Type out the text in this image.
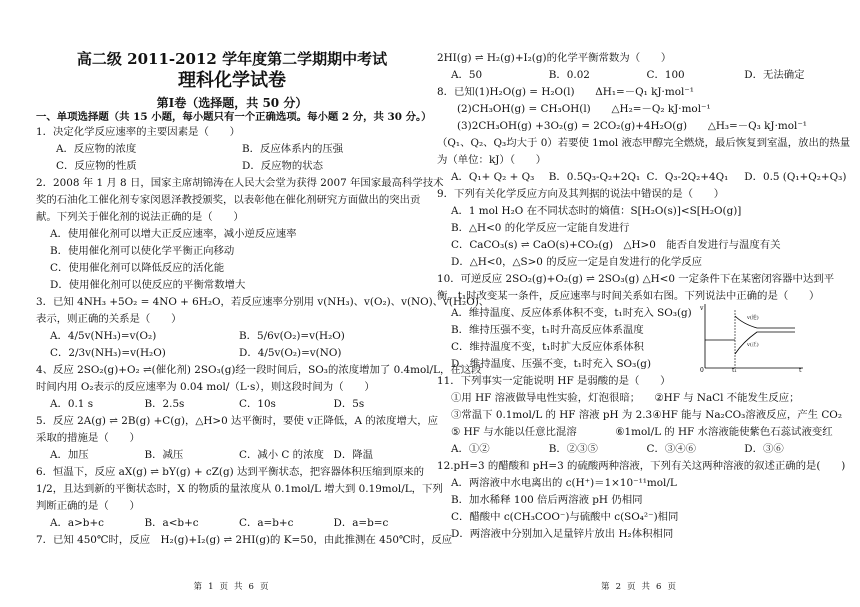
高二级 2011-2012 学年度第二学期期中考试
理科化学试卷
第Ⅰ卷（选择题，共 50 分）
一、单项选择题（共 15 小题，每小题只有一个正确选项。每小题 2 分，共 30 分。）
1．决定化学反应速率的主要因素是（　　）
A．反应物的浓度	B．反应体系内的压强
C．反应物的性质	D．反应物的状态
2．2008 年 1 月 8 日，国家主席胡锦涛在人民大会堂为获得 2007 年国家最高科学技术
奖的石油化工催化剂专家闵恩泽教授颁奖，以表彰他在催化剂研究方面做出的突出贡
献。下列关于催化剂的说法正确的是（　　）
A．使用催化剂可以增大正反应速率，减小逆反应速率
B．使用催化剂可以使化学平衡正向移动
C．使用催化剂可以降低反应的活化能
D．使用催化剂可以使反应的平衡常数增大
3．已知 4NH₃ +5O₂ = 4NO + 6H₂O，若反应速率分别用 v(NH₃)、v(O₂)、v(NO)、v(H₂O)、
表示，则正确的关系是（　　）
A．4/5v(NH₃)=v(O₂)	B．5/6v(O₂)=v(H₂O)
C．2/3v(NH₃)=v(H₂O)	D．4/5v(O₂)=v(NO)
4、反应 2SO₂(g)+O₂ ⇌(催化剂) 2SO₃(g)经一段时间后，SO₃的浓度增加了 0.4mol/L，在这段
时间内用 O₂表示的反应速率为 0.04 mol/（L·s），则这段时间为（　　）
A．0.1 s	B．2.5s	C．10s	D．5s
5．反应 2A(g) ⇌ 2B(g) +C(g)，△H>0 达平衡时，要使 v正降低，A 的浓度增大，应
采取的措施是（　　）
A．加压	B．减压	C．减小 C 的浓度 D．降温
6．恒温下，反应 aX(g) ⇌ bY(g) + cZ(g) 达到平衡状态，把容器体积压缩到原来的
1/2，且达到新的平衡状态时，X 的物质的量浓度从 0.1mol/L 增大到 0.19mol/L，下列
判断正确的是（　　）
A．a>b+c	B．a<b+c	C．a=b+c	D．a=b=c
7．已知 450℃时，反应　H₂(g)+I₂(g) ⇌ 2HI(g)的 K=50，由此推测在 450℃时，反应
第 1 页 共 6 页
2HI(g) ⇌ H₂(g)+I₂(g)的化学平衡常数为（　　）
A．50	B．0.02	C．100	D．无法确定
8．已知(1)H₂O(g) = H₂O(l)　　ΔH₁=－Q₁ kJ·mol⁻¹
(2)CH₃OH(g) = CH₃OH(l)　　△H₂=－Q₂ kJ·mol⁻¹
(3)2CH₃OH(g) +3O₂(g) = 2CO₂(g)+4H₂O(g)　　△H₃=－Q₃ kJ·mol⁻¹
（Q₁、Q₂、Q₃均大于 0）若要使 1mol 液态甲醇完全燃烧，最后恢复到室温，放出的热量
为（单位：kJ）（　　）
A．Q₁+ Q₂ + Q₃	B．0.5Q₃-Q₂+2Q₁ C．Q₃-2Q₂+4Q₁	D．0.5 (Q₁+Q₂+Q₃)
9．下列有关化学反应方向及其判据的说法中错误的是（　　）
A．1 mol H₂O 在不同状态时的熵值：S[H₂O(s)]<S[H₂O(g)]
B．△H<0 的化学反应一定能自发进行
C．CaCO₃(s) ⇌ CaO(s)+CO₂(g)　△H>0　能否自发进行与温度有关
D．△H<0，△S>0 的反应一定是自发进行的化学反应
10．可逆反应 2SO₂(g)+O₂(g) ⇌ 2SO₃(g) △H<0 一定条件下在某密闭容器中达到平
衡。t₁时改变某一条件，反应速率与时间关系如右图。下列说法中正确的是（　　）
A．维持温度、反应体系体积不变，t₁时充入 SO₃(g)
B．维持压强不变，t₁时升高反应体系温度
C．维持温度不变，t₁时扩大反应体系体积
D．维持温度、压强不变，t₁时充入 SO₃(g)
v
v(逆)
v(正)
0	t₁	t
11．下列事实一定能说明 HF 是弱酸的是（　　）
①用 HF 溶液做导电性实验，灯泡很暗；	②HF 与 NaCl 不能发生反应；
③常温下 0.1mol/L 的 HF 溶液 pH 为 2.3 ④HF 能与 Na₂CO₃溶液反应，产生 CO₂
⑤ HF 与水能以任意比混溶	⑥1mol/L 的 HF 水溶液能使紫色石蕊试液变红
A．①②	B．②③⑤	C．③④⑥	D．③⑥
12.pH=3 的醋酸和 pH=3 的硫酸两种溶液，下列有关这两种溶液的叙述正确的是(　　)
A．两溶液中水电离出的 c(H⁺)＝1×10⁻¹¹mol/L
B．加水稀释 100 倍后两溶液 pH 仍相同
C．醋酸中 c(CH₃COO⁻)与硫酸中 c(SO₄²⁻)相同
D．两溶液中分别加入足量锌片放出 H₂体积相同
第 2 页 共 6 页
